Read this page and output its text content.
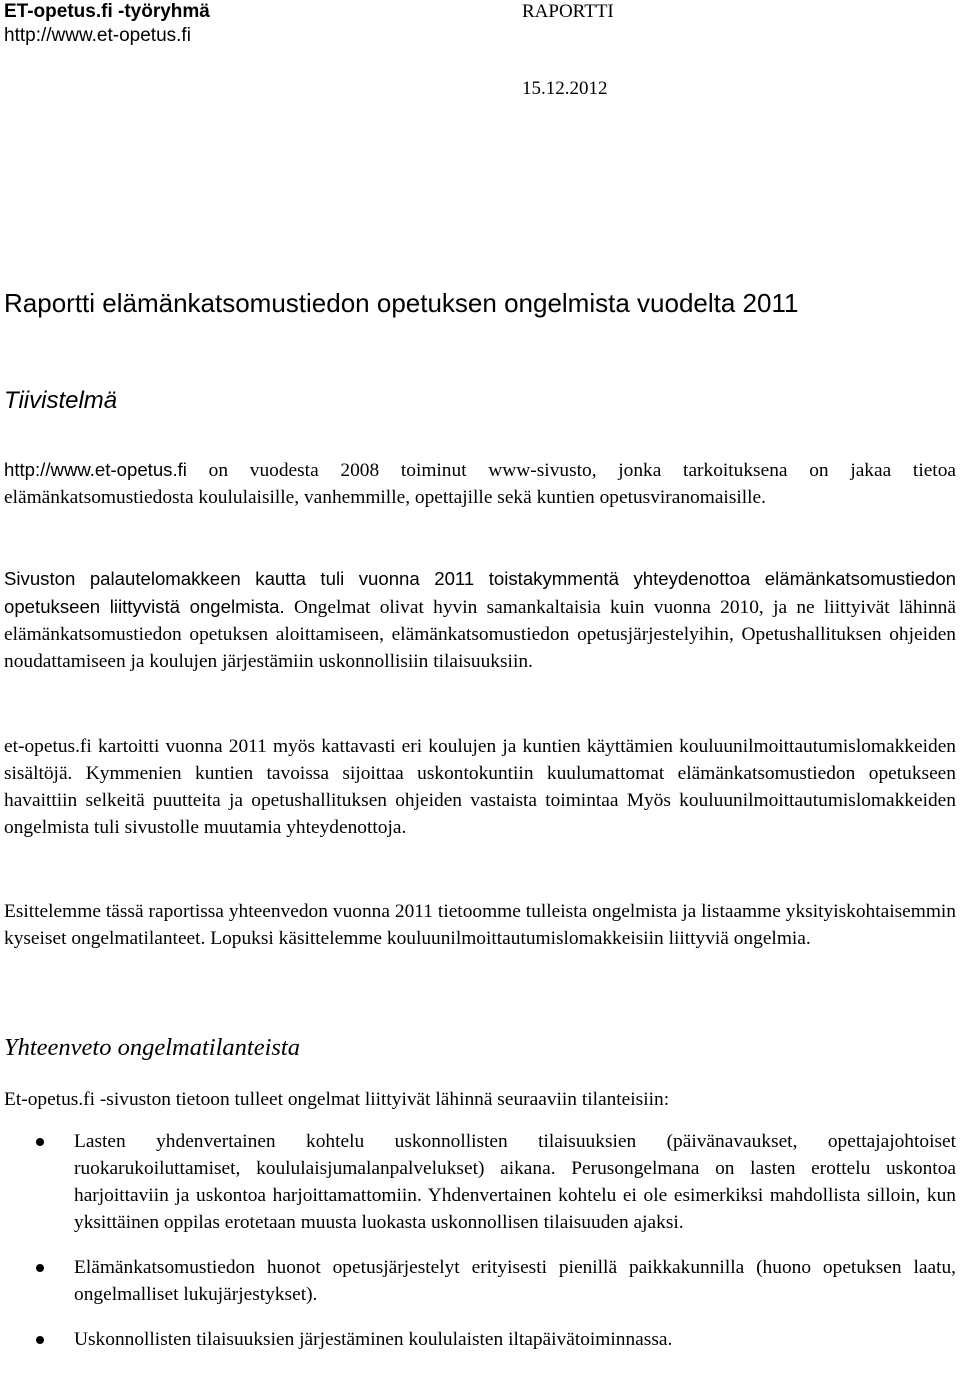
ET-opetus.fi -työryhmä
http://www.et-opetus.fi
RAPORTTI
15.12.2012
Raportti elämänkatsomustiedon opetuksen ongelmista vuodelta 2011
Tiivistelmä
http://www.et-opetus.fi on vuodesta 2008 toiminut www-sivusto, jonka tarkoituksena on jakaa tietoa elämänkatsomustiedosta koululaisille, vanhemmille, opettajille sekä kuntien opetusviranomaisille.
Sivuston palautelomakkeen kautta tuli vuonna 2011 toistakymmentä yhteydenottoa elämänkatsomustiedon opetukseen liittyvistä ongelmista. Ongelmat olivat hyvin samankaltaisia kuin vuonna 2010, ja ne liittyivät lähinnä elämänkatsomustiedon opetuksen aloittamiseen, elämänkatsomustiedon opetusjärjestelyihin, Opetushallituksen ohjeiden noudattamiseen ja koulujen järjestämiin uskonnollisiin tilaisuuksiin.
et-opetus.fi kartoitti vuonna 2011 myös kattavasti eri koulujen ja kuntien käyttämien kouluunilmoittautumislomakkeiden sisältöjä. Kymmenien kuntien tavoissa sijoittaa uskontokuntiin kuulumattomat elämänkatsomustiedon opetukseen havaittiin selkeitä puutteita ja opetushallituksen ohjeiden vastaista toimintaa Myös kouluunilmoittautumislomakkeiden ongelmista tuli sivustolle muutamia yhteydenottoja.
Esittelemme tässä raportissa yhteenvedon vuonna 2011 tietoomme tulleista ongelmista ja listaamme yksityiskohtaisemmin kyseiset ongelmatilanteet. Lopuksi käsittelemme kouluunilmoittautumislomakkeisiin liittyviä ongelmia.
Yhteenveto ongelmatilanteista
Et-opetus.fi -sivuston tietoon tulleet ongelmat liittyivät lähinnä seuraaviin tilanteisiin:
Lasten yhdenvertainen kohtelu uskonnollisten tilaisuuksien (päivänavaukset, opettajajohtoiset ruokarukoiluttamiset, koululaisjumalanpalvelukset) aikana. Perusongelmana on lasten erottelu uskontoa harjoittaviin ja uskontoa harjoittamattomiin. Yhdenvertainen kohtelu ei ole esimerkiksi mahdollista silloin, kun yksittäinen oppilas erotetaan muusta luokasta uskonnollisen tilaisuuden ajaksi.
Elämänkatsomustiedon huonot opetusjärjestelyt erityisesti pienillä paikkakunnilla (huono opetuksen laatu, ongelmalliset lukujärjestykset).
Uskonnollisten tilaisuuksien järjestäminen koululaisten iltapäivätoiminnassa.
